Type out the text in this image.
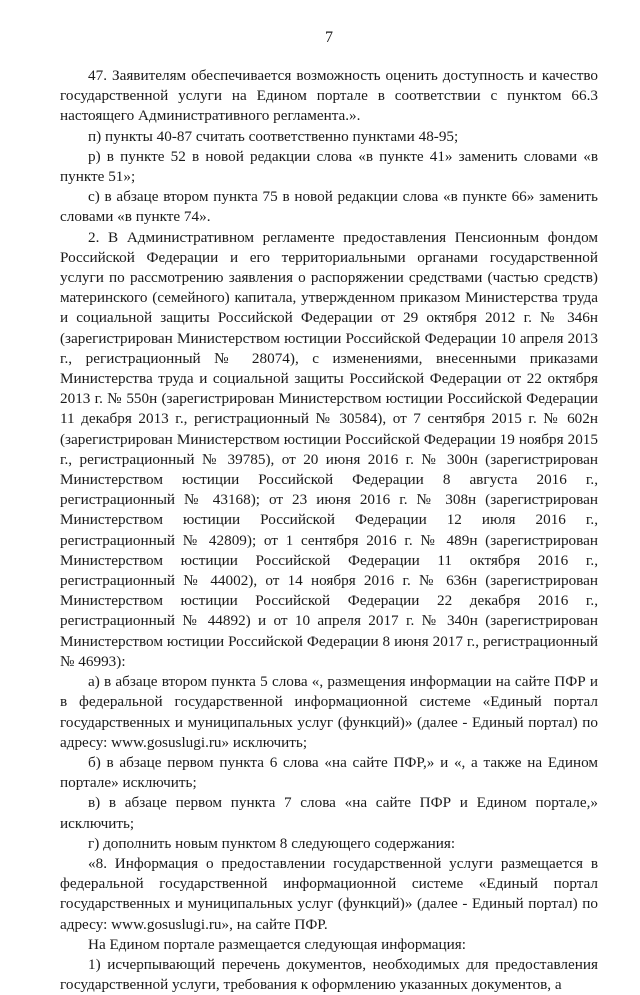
7

47. Заявителям обеспечивается возможность оценить доступность и качество государственной услуги на Едином портале в соответствии с пунктом 66.3 настоящего Административного регламента.».

п) пункты 40-87 считать соответственно пунктами 48-95;

р) в пункте 52 в новой редакции слова «в пункте 41» заменить словами «в пункте 51»;

с) в абзаце втором пункта 75 в новой редакции слова «в пункте 66» заменить словами «в пункте 74».

2. В Административном регламенте предоставления Пенсионным фондом Российской Федерации и его территориальными органами государственной услуги по рассмотрению заявления о распоряжении средствами (частью средств) материнского (семейного) капитала, утвержденном приказом Министерства труда и социальной защиты Российской Федерации от 29 октября 2012 г. № 346н (зарегистрирован Министерством юстиции Российской Федерации 10 апреля 2013 г., регистрационный № 28074), с изменениями, внесенными приказами Министерства труда и социальной защиты Российской Федерации от 22 октября 2013 г. № 550н (зарегистрирован Министерством юстиции Российской Федерации 11 декабря 2013 г., регистрационный № 30584), от 7 сентября 2015 г. № 602н (зарегистрирован Министерством юстиции Российской Федерации 19 ноября 2015 г., регистрационный № 39785), от 20 июня 2016 г. № 300н (зарегистрирован Министерством юстиции Российской Федерации 8 августа 2016 г., регистрационный № 43168); от 23 июня 2016 г. № 308н (зарегистрирован Министерством юстиции Российской Федерации 12 июля 2016 г., регистрационный № 42809); от 1 сентября 2016 г. № 489н (зарегистрирован Министерством юстиции Российской Федерации 11 октября 2016 г., регистрационный № 44002), от 14 ноября 2016 г. № 636н (зарегистрирован Министерством юстиции Российской Федерации 22 декабря 2016 г., регистрационный № 44892) и от 10 апреля 2017 г. № 340н (зарегистрирован Министерством юстиции Российской Федерации 8 июня 2017 г., регистрационный № 46993):

а) в абзаце втором пункта 5 слова «, размещения информации на сайте ПФР и в федеральной государственной информационной системе «Единый портал государственных и муниципальных услуг (функций)» (далее - Единый портал) по адресу: www.gosuslugi.ru» исключить;

б) в абзаце первом пункта 6 слова «на сайте ПФР,» и «, а также на Едином портале» исключить;

в) в абзаце первом пункта 7 слова «на сайте ПФР и Едином портале,» исключить;

г) дополнить новым пунктом 8 следующего содержания:

«8. Информация о предоставлении государственной услуги размещается в федеральной государственной информационной системе «Единый портал государственных и муниципальных услуг (функций)» (далее - Единый портал) по адресу: www.gosuslugi.ru», на сайте ПФР.

На Едином портале размещается следующая информация:

1) исчерпывающий перечень документов, необходимых для предоставления государственной услуги, требования к оформлению указанных документов, а
